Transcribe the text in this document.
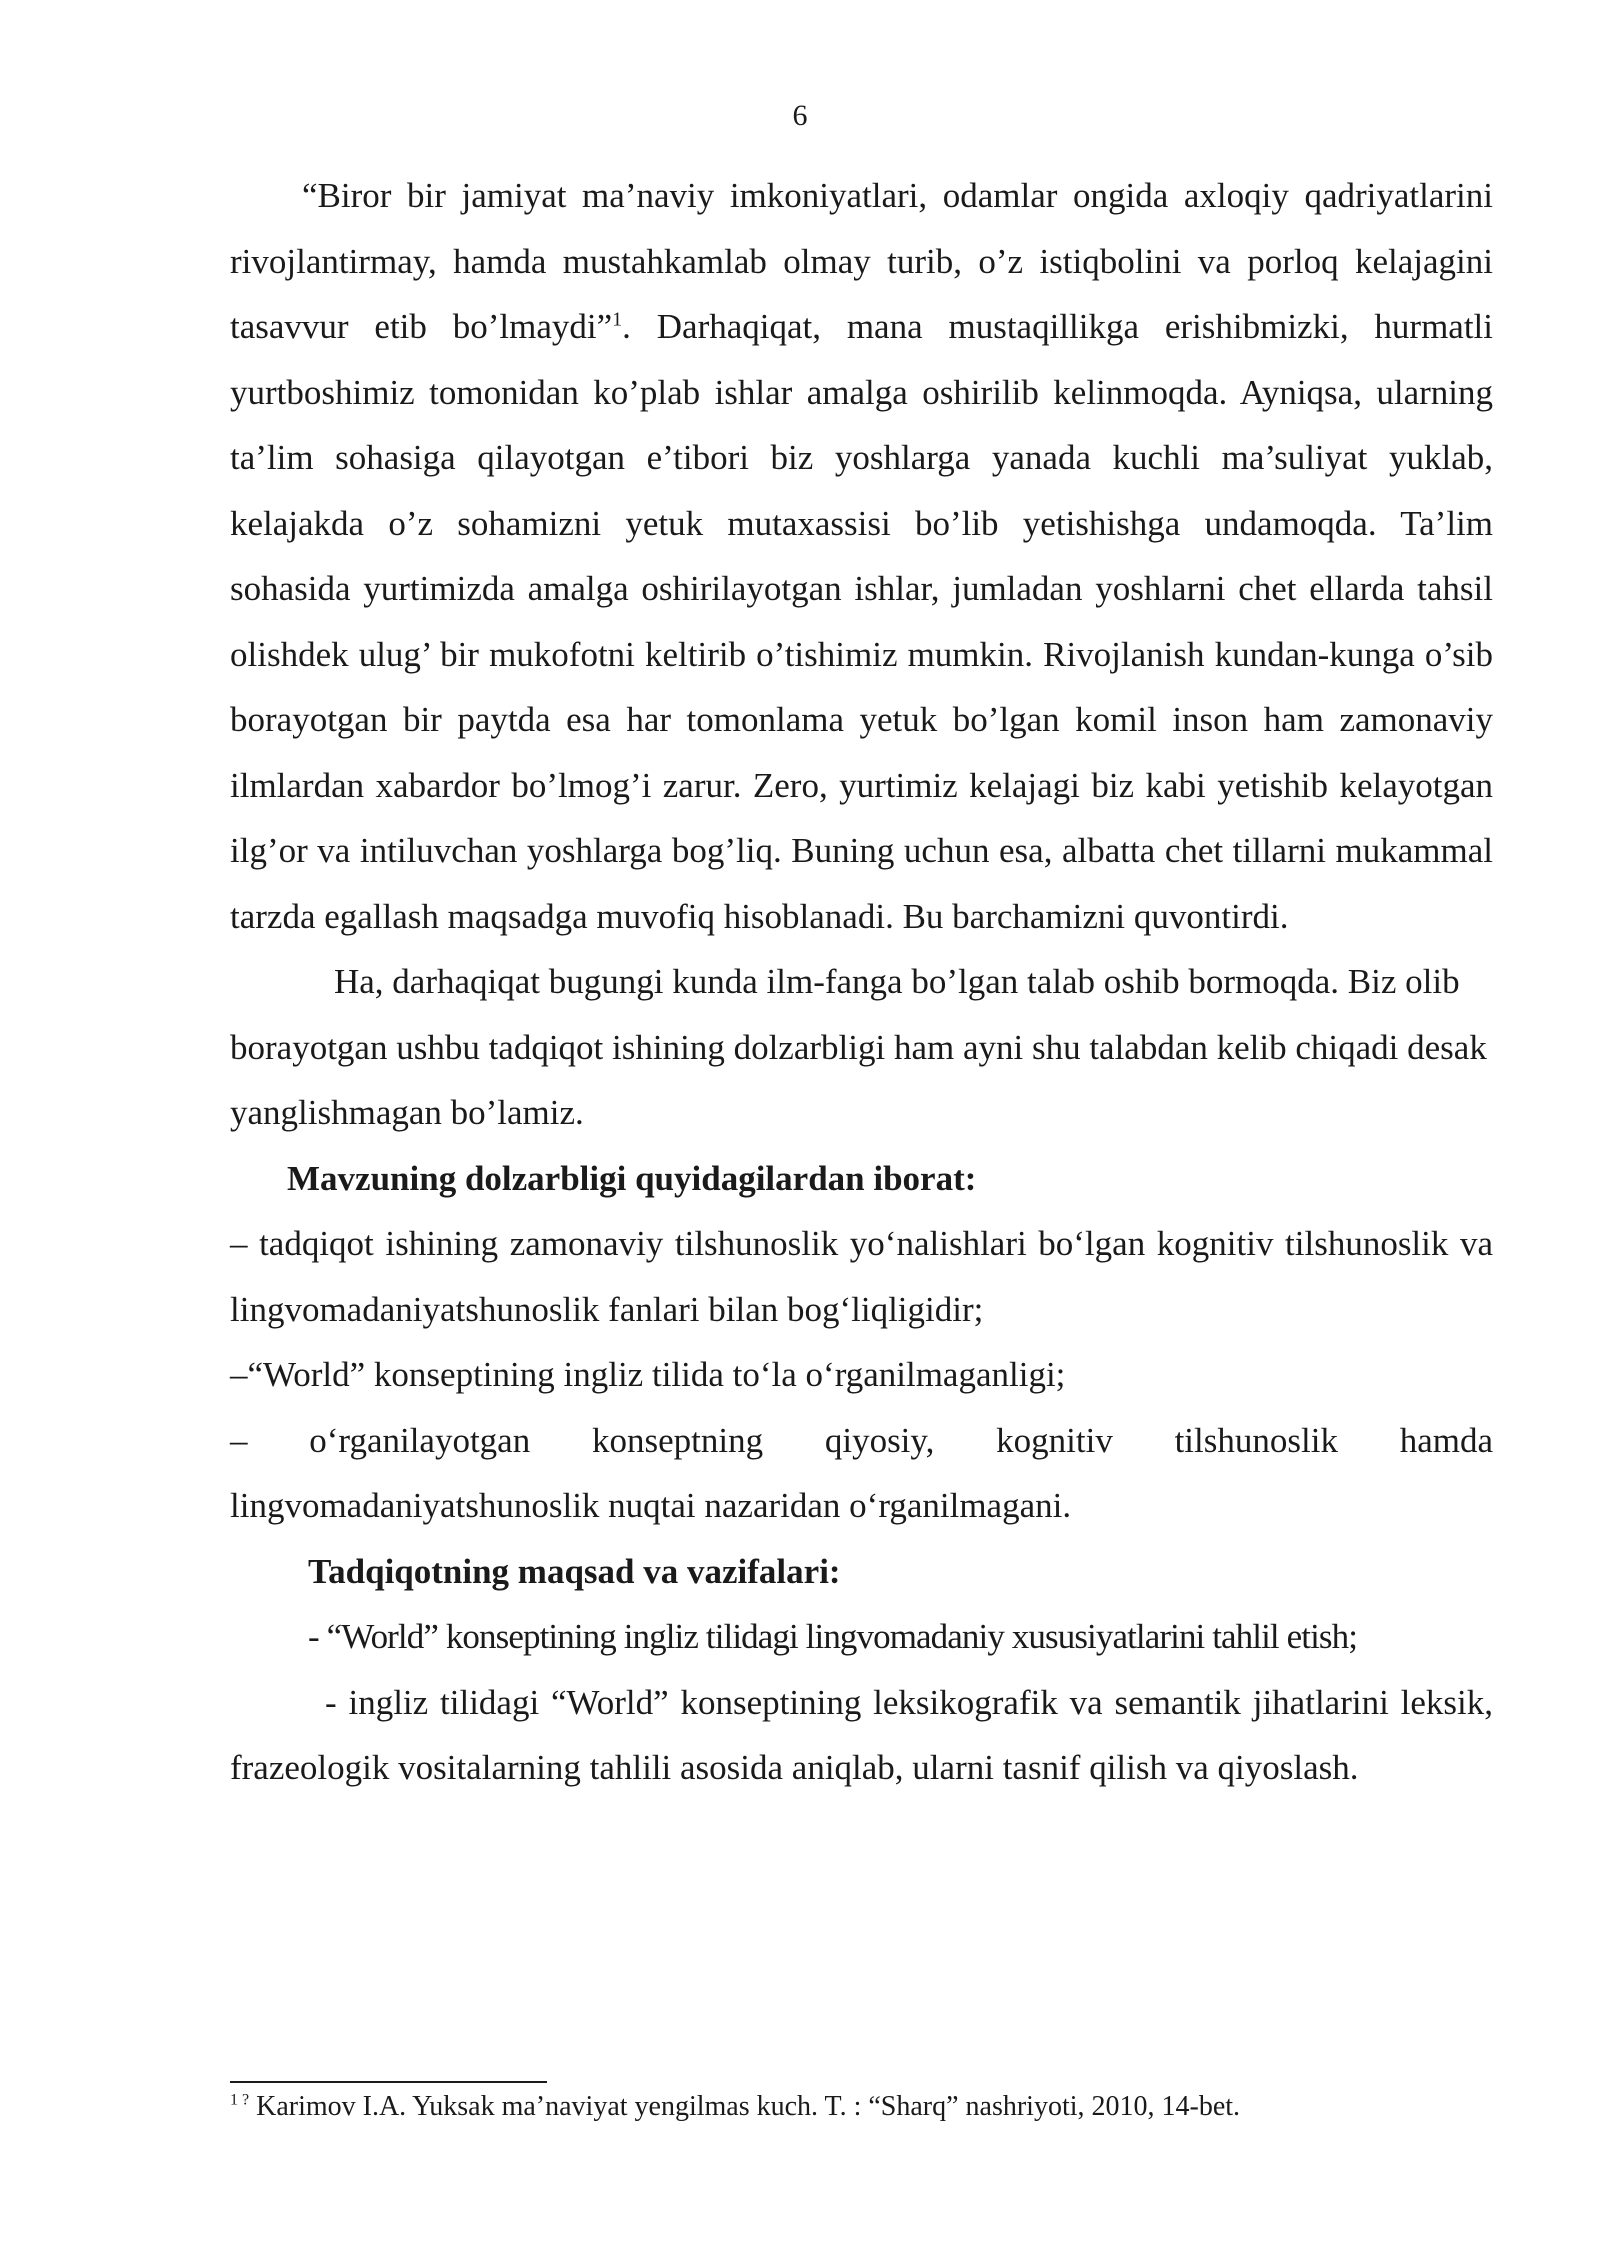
6

“Biror bir jamiyat ma’naviy imkoniyatlari, odamlar ongida axloqiy qadriyatlarini rivojlantirmay, hamda mustahkamlab olmay turib, o’z istiqbolini va porloq kelajagini tasavvur etib bo’lmaydi”$^1$. Darhaqiqat, mana mustaqillikga erishibmizki, hurmatli yurtboshimiz tomonidan ko’plab ishlar amalga oshirilib kelinmoqda. Ayniqsa, ularning ta’lim sohasiga qilayotgan e’tibori biz yoshlarga yanada kuchli ma’suliyat yuklab, kelajakda o’z sohamizni yetuk mutaxassisi bo’lib yetishishga undamoqda. Ta’lim sohasida yurtimizda amalga oshirilayotgan ishlar, jumladan yoshlarni chet ellarda tahsil olishdek ulug’ bir mukofotni keltirib o’tishimiz mumkin. Rivojlanish kundan-kunga o’sib borayotgan bir paytda esa har tomonlama yetuk bo’lgan komil inson ham zamonaviy ilmlardan xabardor bo’lmog’i zarur. Zero, yurtimiz kelajagi biz kabi yetishib kelayotgan ilg’or va intiluvchan yoshlarga bog’liq. Buning uchun esa, albatta chet tillarni mukammal tarzda egallash maqsadga muvofiq hisoblanadi. Bu barchamizni quvontirdi.

Ha, darhaqiqat bugungi kunda ilm-fanga bo’lgan talab oshib bormoqda. Biz olib borayotgan ushbu tadqiqot ishining dolzarbligi ham ayni shu talabdan kelib chiqadi desak yanglishmagan bo’lamiz.

Mavzuning dolzarbligi quyidagilardan iborat:

– tadqiqot ishining zamonaviy tilshunoslik yo‘nalishlari bo‘lgan kognitiv tilshunoslik va lingvomadaniyatshunoslik fanlari bilan bog‘liqligidir;

–“World” konseptining ingliz tilida to‘la o‘rganilmaganligi;

– o‘rganilayotgan konseptning qiyosiy, kognitiv tilshunoslik hamda lingvomadaniyatshunoslik nuqtai nazaridan o‘rganilmagani.

Tadqiqotning maqsad va vazifalari:

- “World” konseptining ingliz tilidagi lingvomadaniy xususiyatlarini tahlil etish;

- ingliz tilidagi “World” konseptining leksikografik va semantik jihatlarini leksik, frazeologik vositalarning tahlili asosida aniqlab, ularni tasnif qilish va qiyoslash.

$^{1 ?}$ Karimov I.A. Yuksak ma’naviyat yengilmas kuch. T. : “Sharq” nashriyoti, 2010, 14-bet.
